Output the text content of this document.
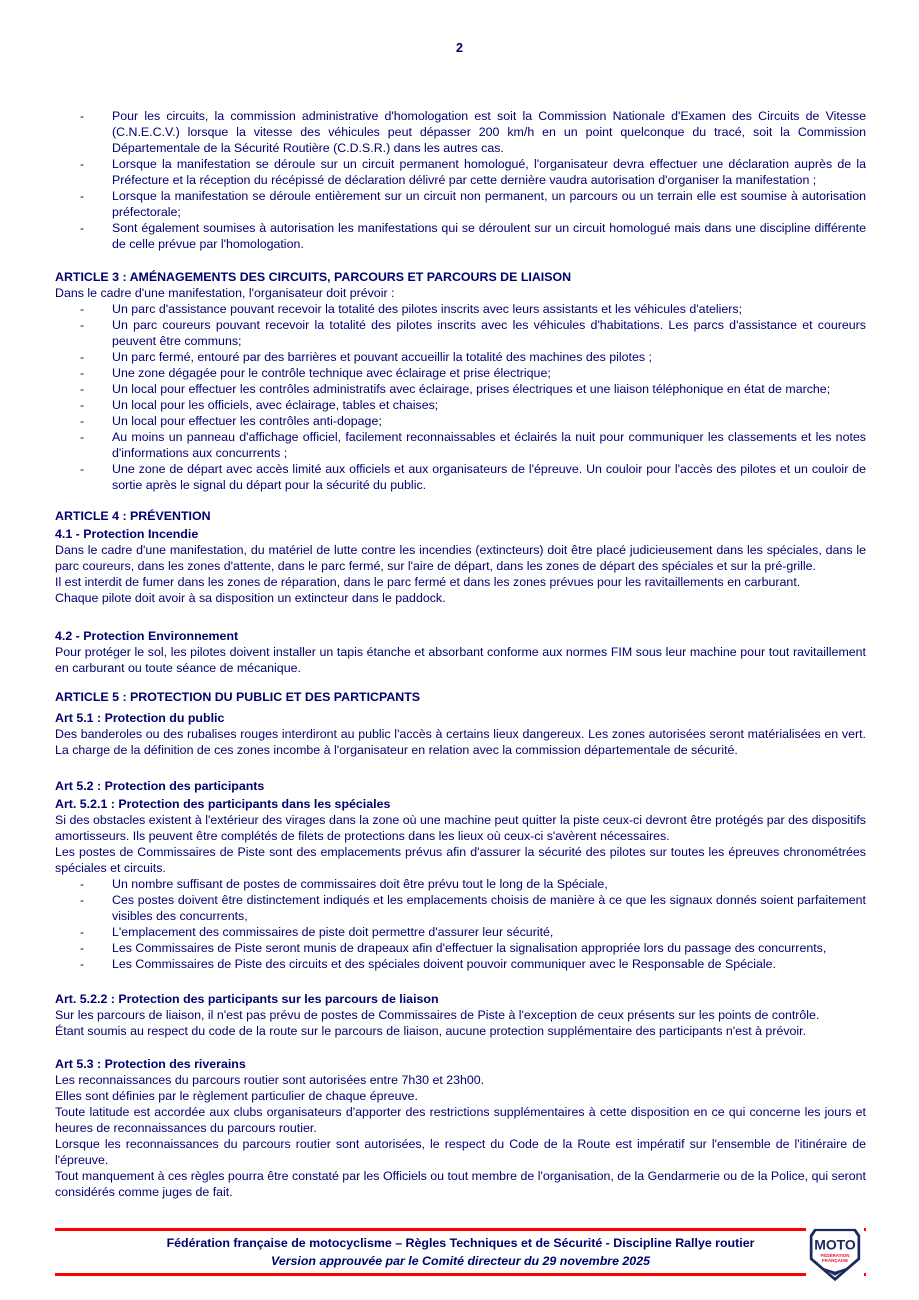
2
-	Pour les circuits, la commission administrative d'homologation est soit la Commission Nationale d'Examen des Circuits de Vitesse (C.N.E.C.V.) lorsque la vitesse des véhicules peut dépasser 200 km/h en un point quelconque du tracé, soit la Commission Départementale de la Sécurité Routière (C.D.S.R.) dans les autres cas.
-	Lorsque la manifestation se déroule sur un circuit permanent homologué, l'organisateur devra effectuer une déclaration auprès de la Préfecture et la réception du récépissé de déclaration délivré par cette dernière vaudra autorisation d'organiser la manifestation ;
-	Lorsque la manifestation se déroule entièrement sur un circuit non permanent, un parcours ou un terrain elle est soumise à autorisation préfectorale;
-	Sont également soumises à autorisation les manifestations qui se déroulent sur un circuit homologué mais dans une discipline différente de celle prévue par l'homologation.
ARTICLE 3 : AMÉNAGEMENTS DES CIRCUITS, PARCOURS ET PARCOURS DE LIAISON
Dans le cadre d'une manifestation, l'organisateur doit prévoir :
-	Un parc d'assistance pouvant recevoir la totalité des pilotes inscrits avec leurs assistants et les véhicules d'ateliers;
-	Un parc coureurs pouvant recevoir la totalité des pilotes inscrits avec les véhicules d'habitations. Les parcs d'assistance et coureurs peuvent être communs;
-	Un parc fermé, entouré par des barrières et pouvant accueillir la totalité des machines des pilotes ;
-	Une zone dégagée pour le contrôle technique avec éclairage et prise électrique;
-	Un local pour effectuer les contrôles administratifs avec éclairage, prises électriques et une liaison téléphonique en état de marche;
-	Un local pour les officiels, avec éclairage, tables et chaises;
-	Un local pour effectuer les contrôles anti-dopage;
-	Au moins un panneau d'affichage officiel, facilement reconnaissables et éclairés la nuit pour communiquer les classements et les notes d'informations aux concurrents ;
-	Une zone de départ avec accès limité aux officiels et aux organisateurs de l'épreuve. Un couloir pour l'accès des pilotes et un couloir de sortie après le signal du départ pour la sécurité du public.
ARTICLE 4 : PRÉVENTION
4.1 - Protection Incendie
Dans le cadre d'une manifestation, du matériel de lutte contre les incendies (extincteurs) doit être placé judicieusement dans les spéciales, dans le parc coureurs, dans les zones d'attente, dans le parc fermé, sur l'aire de départ, dans les zones de départ des spéciales et sur la pré-grille.
Il est interdit de fumer dans les zones de réparation, dans le parc fermé et dans les zones prévues pour les ravitaillements en carburant.
Chaque pilote doit avoir à sa disposition un extincteur dans le paddock.
4.2 - Protection Environnement
Pour protéger le sol, les pilotes doivent installer un tapis étanche et absorbant conforme aux normes FIM sous leur machine pour tout ravitaillement en carburant ou toute séance de mécanique.
ARTICLE 5 : PROTECTION DU PUBLIC ET DES PARTICPANTS
Art 5.1 : Protection du public
Des banderoles ou des rubalises rouges interdiront au public l'accès à certains lieux dangereux. Les zones autorisées seront matérialisées en vert. La charge de la définition de ces zones incombe à l'organisateur en relation avec la commission départementale de sécurité.
Art 5.2 : Protection des participants
Art. 5.2.1 : Protection des participants dans les spéciales
Si des obstacles existent à l'extérieur des virages dans la zone où une machine peut quitter la piste ceux-ci devront être protégés par des dispositifs amortisseurs. Ils peuvent être complétés de filets de protections dans les lieux où ceux-ci s'avèrent nécessaires.
Les postes de Commissaires de Piste sont des emplacements prévus afin d'assurer la sécurité des pilotes sur toutes les épreuves chronométrées spéciales et circuits.
-	Un nombre suffisant de postes de commissaires doit être prévu tout le long de la Spéciale,
-	Ces postes doivent être distinctement indiqués et les emplacements choisis de manière à ce que les signaux donnés soient parfaitement visibles des concurrents,
-	L'emplacement des commissaires de piste doit permettre d'assurer leur sécurité,
-	Les Commissaires de Piste seront munis de drapeaux afin d'effectuer la signalisation appropriée lors du passage des concurrents,
-	Les Commissaires de Piste des circuits et des spéciales doivent pouvoir communiquer avec le Responsable de Spéciale.
Art. 5.2.2 : Protection des participants sur les parcours de liaison
Sur les parcours de liaison, il n'est pas prévu de postes de Commissaires de Piste à l'exception de ceux présents sur les points de contrôle.
Étant soumis au respect du code de la route sur le parcours de liaison, aucune protection supplémentaire des participants n'est à prévoir.
Art 5.3 : Protection des riverains
Les reconnaissances du parcours routier sont autorisées entre 7h30 et 23h00.
Elles sont définies par le règlement particulier de chaque épreuve.
Toute latitude est accordée aux clubs organisateurs d'apporter des restrictions supplémentaires à cette disposition en ce qui concerne les jours et heures de reconnaissances du parcours routier.
Lorsque les reconnaissances du parcours routier sont autorisées, le respect du Code de la Route est impératif sur l'ensemble de l'itinéraire de l'épreuve.
Tout manquement à ces règles pourra être constaté par les Officiels ou tout membre de l'organisation, de la Gendarmerie ou de la Police, qui seront considérés comme juges de fait.
Fédération française de motocyclisme – Règles Techniques et de Sécurité - Discipline Rallye routier
Version approuvée par le Comité directeur du 29 novembre 2025
MOTO
FÉDÉRATION
FRANÇAISE
